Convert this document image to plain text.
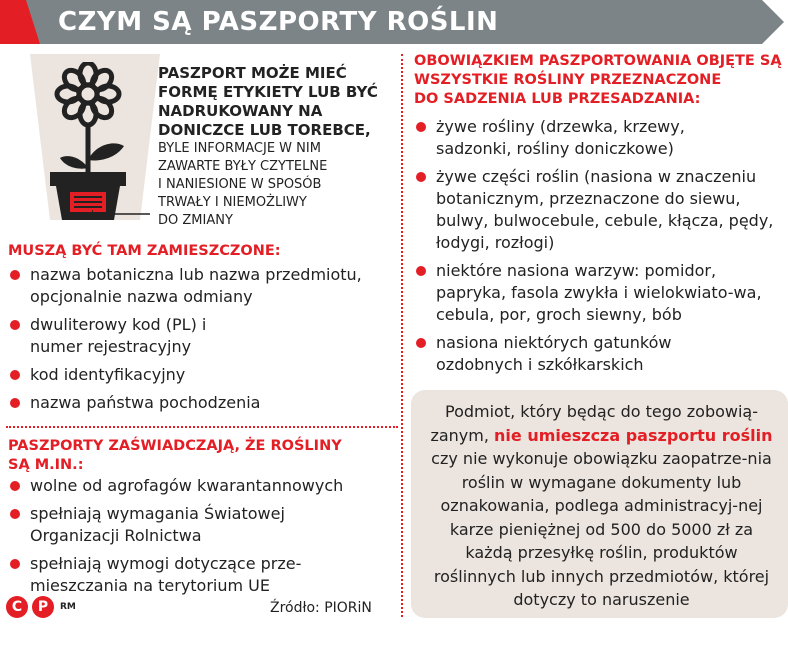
CZYM SĄ PASZPORTY ROŚLIN
PASZPORT MOŻE MIEĆ
FORMĘ ETYKIETY LUB BYĆ
NADRUKOWANY NA
DONICZCE LUB TOREBCE,
BYLE INFORMACJE W NIM
ZAWARTE BYŁY CZYTELNE
I NANIESIONE W SPOSÓB
TRWAŁY I NIEMOŻLIWY
DO ZMIANY
MUSZĄ BYĆ TAM ZAMIESZCZONE:
nazwa botaniczna lub nazwa przedmiotu, opcjonalnie nazwa odmiany
dwuliterowy kod (PL) i numer rejestracyjny
kod identyfikacyjny
nazwa państwa pochodzenia
PASZPORTY ZAŚWIADCZAJĄ, ŻE ROŚLINY
SĄ M.IN.:
wolne od agrofagów kwarantannowych
spełniają wymagania Światowej Organizacji Rolnictwa
spełniają wymogi dotyczące prze-mieszczania na terytorium UE
OBOWIĄZKIEM PASZPORTOWANIA OBJĘTE SĄ
WSZYSTKIE ROŚLINY PRZEZNACZONE
DO SADZENIA LUB PRZESADZANIA:
żywe rośliny (drzewka, krzewy, sadzonki, rośliny doniczkowe)
żywe części roślin (nasiona w znaczeniu botanicznym, przeznaczone do siewu, bulwy, bulwocebule, cebule, kłącza, pędy, łodygi, rozłogi)
niektóre nasiona warzyw: pomidor, papryka, fasola zwykła i wielokwiato-wa, cebula, por, groch siewny, bób
nasiona niektórych gatunków ozdobnych i szkółkarskich
Podmiot, który będąc do tego zobowią-zanym, nie umieszcza paszportu roślin czy nie wykonuje obowiązku zaopatrze-nia roślin w wymagane dokumenty lub oznakowania, podlega administracyj-nej karze pieniężnej od 500 do 5000 zł za każdą przesyłkę roślin, produktów roślinnych lub innych przedmiotów, której dotyczy to naruszenie
C	P	RM	Źródło: PIORiN
